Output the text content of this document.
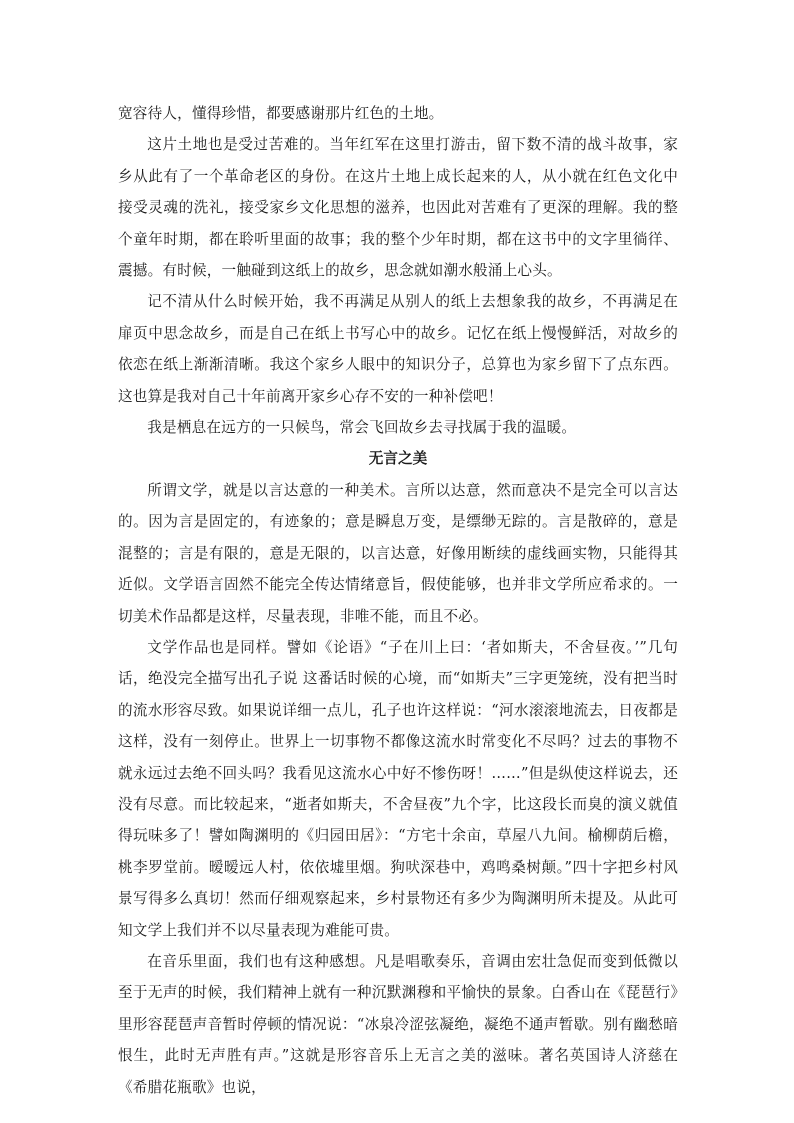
宽容待人，懂得珍惜，都要感谢那片红色的土地。

这片土地也是受过苦难的。当年红军在这里打游击，留下数不清的战斗故事，家乡从此有了一个革命老区的身份。在这片土地上成长起来的人，从小就在红色文化中接受灵魂的洗礼，接受家乡文化思想的滋养，也因此对苦难有了更深的理解。我的整个童年时期，都在聆听里面的故事；我的整个少年时期，都在这书中的文字里徜徉、震撼。有时候，一触碰到这纸上的故乡，思念就如潮水般涌上心头。

记不清从什么时候开始，我不再满足从别人的纸上去想象我的故乡，不再满足在扉页中思念故乡，而是自己在纸上书写心中的故乡。记忆在纸上慢慢鲜活，对故乡的依恋在纸上渐渐清晰。我这个家乡人眼中的知识分子，总算也为家乡留下了点东西。这也算是我对自己十年前离开家乡心存不安的一种补偿吧！

我是栖息在远方的一只候鸟，常会飞回故乡去寻找属于我的温暖。

无言之美

所谓文学，就是以言达意的一种美术。言所以达意，然而意决不是完全可以言达的。因为言是固定的，有迹象的；意是瞬息万变，是缥缈无踪的。言是散碎的，意是混整的；言是有限的，意是无限的，以言达意，好像用断续的虚线画实物，只能得其近似。文学语言固然不能完全传达情绪意旨，假使能够，也并非文学所应希求的。一切美术作品都是这样，尽量表现，非唯不能，而且不必。

文学作品也是同样。譬如《论语》“子在川上曰：‘者如斯夫，不舍昼夜。’”几句话，绝没完全描写出孔子说 这番话时候的心境，而“如斯夫”三字更笼统，没有把当时的流水形容尽致。如果说详细一点儿，孔子也许这样说：“河水滚滚地流去，日夜都是这样，没有一刻停止。世界上一切事物不都像这流水时常变化不尽吗？过去的事物不就永远过去绝不回头吗？我看见这流水心中好不惨伤呀！……”但是纵使这样说去，还没有尽意。而比较起来，“逝者如斯夫，不舍昼夜”九个字，比这段长而臭的演义就值得玩味多了！譬如陶渊明的《归园田居》：“方宅十余亩，草屋八九间。榆柳荫后檐，桃李罗堂前。暧暧远人村，依依墟里烟。狗吠深巷中，鸡鸣桑树颠。”四十字把乡村风景写得多么真切！然而仔细观察起来，乡村景物还有多少为陶渊明所未提及。从此可知文学上我们并不以尽量表现为难能可贵。

在音乐里面，我们也有这种感想。凡是唱歌奏乐，音调由宏壮急促而变到低微以至于无声的时候，我们精神上就有一种沉默渊穆和平愉快的景象。白香山在《琵琶行》里形容琵琶声音暂时停顿的情况说：“冰泉冷涩弦凝绝，凝绝不通声暂歇。别有幽愁暗恨生，此时无声胜有声。”这就是形容音乐上无言之美的滋味。著名英国诗人济慈在《希腊花瓶歌》也说，
